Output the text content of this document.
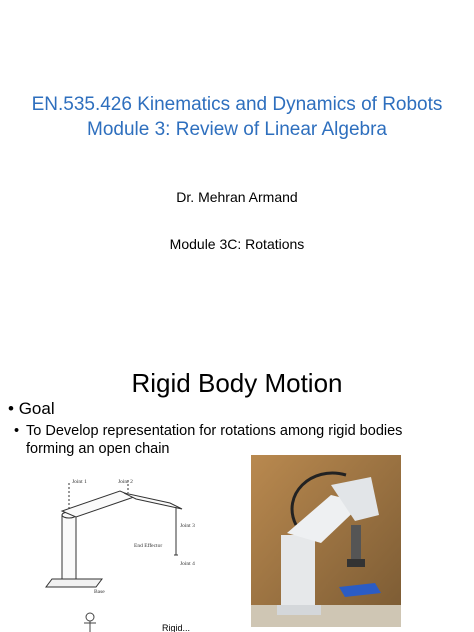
EN.535.426 Kinematics and Dynamics of Robots
Module 3: Review of Linear Algebra
Dr. Mehran Armand
Module 3C: Rotations
Rigid Body Motion
• Goal
• To Develop representation for rotations among rigid bodies forming an open chain
Joint 1	Joint 2
Joint 3
Joint 4
End Effector
Base
Rigid...
